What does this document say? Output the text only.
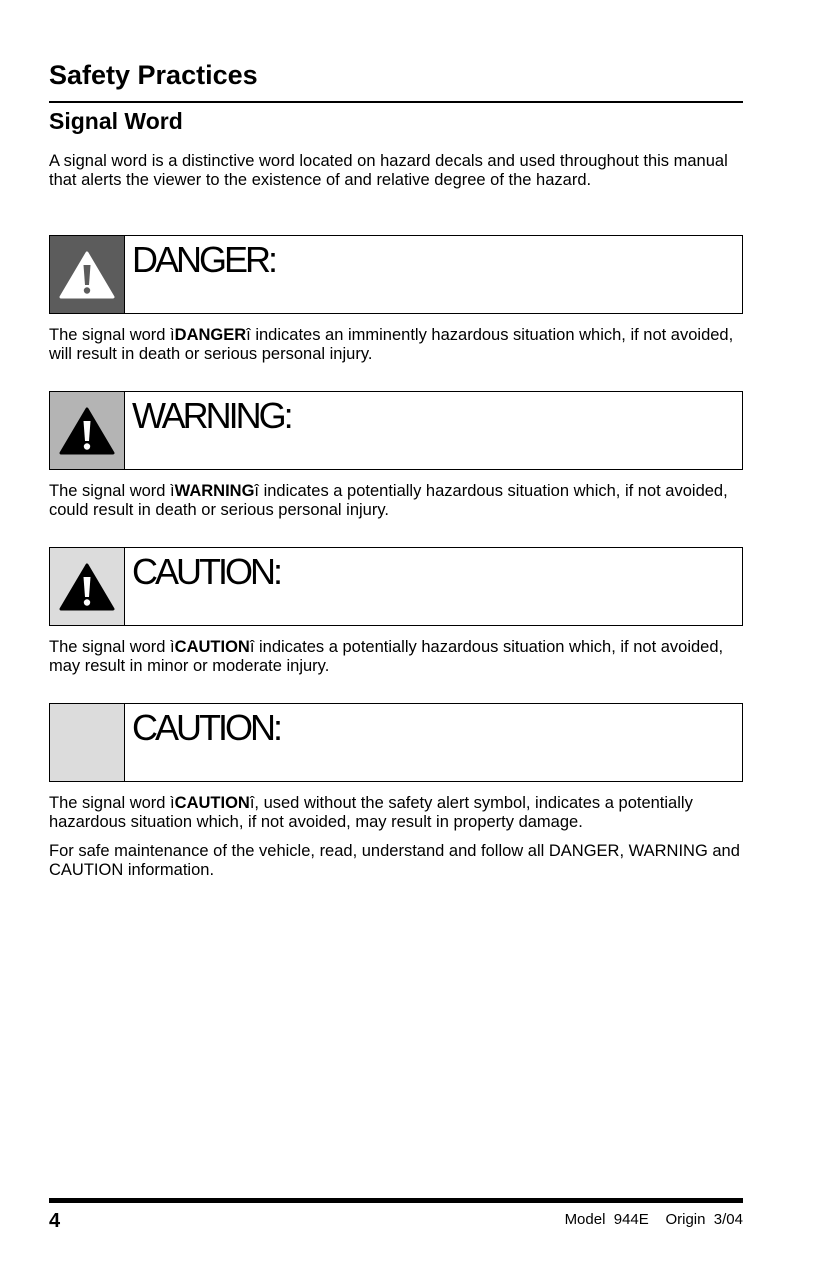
Safety Practices
Signal Word

A signal word is a distinctive word located on hazard decals and used throughout this manual that alerts the viewer to the existence of and relative degree of the hazard.

DANGER:

The signal word ìDANGERî indicates an imminently hazardous situation which, if not avoided, will result in death or serious personal injury.

WARNING:

The signal word ìWARNINGî indicates a potentially hazardous situation which, if not avoided, could result in death or serious personal injury.

CAUTION:

The signal word ìCAUTIONî indicates a potentially hazardous situation which, if not avoided, may result in minor or moderate injury.

CAUTION:

The signal word ìCAUTIONî, used without the safety alert symbol, indicates a potentially hazardous situation which, if not avoided, may result in property damage.

For safe maintenance of the vehicle, read, understand and follow all DANGER, WARNING and CAUTION information.

4	Model  944E    Origin  3/04
